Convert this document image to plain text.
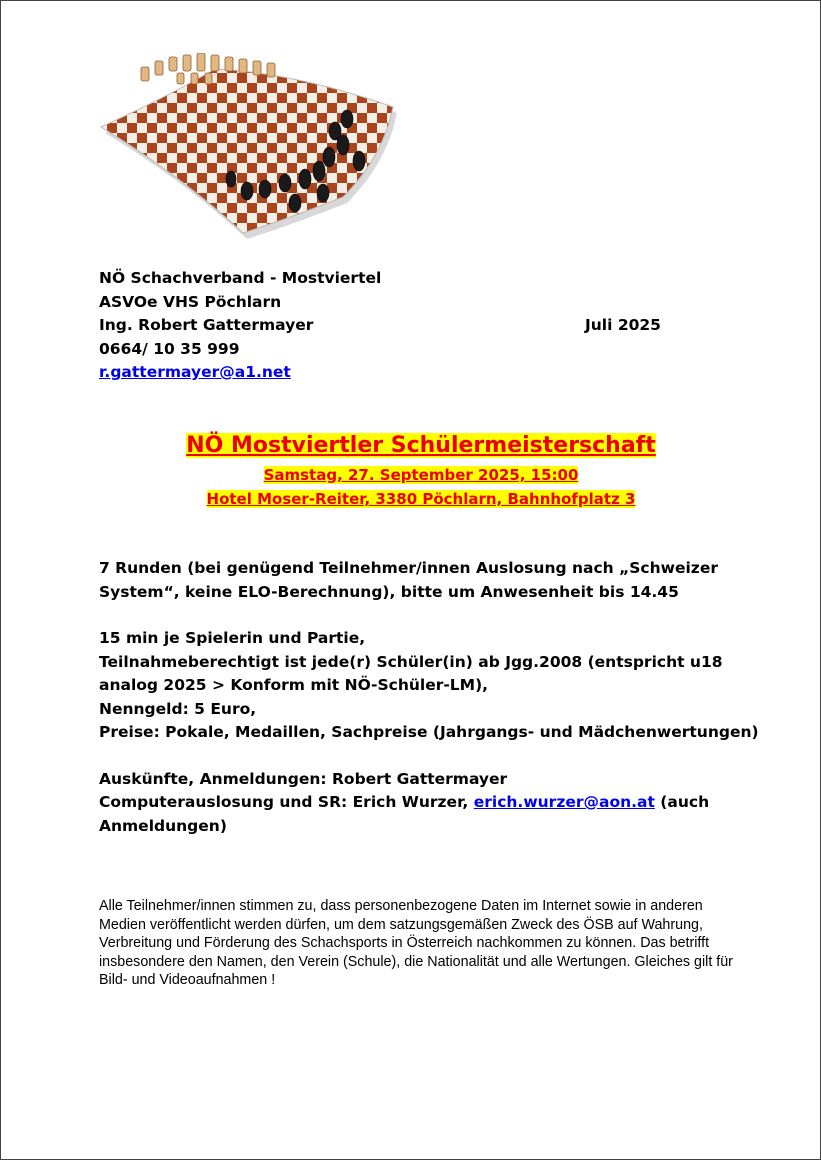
NÖ Schachverband - Mostviertel
ASVOe VHS Pöchlarn
Ing. Robert Gattermayer	Juli 2025
0664/ 10 35 999
r.gattermayer@a1.net
NÖ Mostviertler Schülermeisterschaft
Samstag, 27. September 2025, 15:00
Hotel Moser-Reiter, 3380 Pöchlarn, Bahnhofplatz 3

7 Runden (bei genügend Teilnehmer/innen Auslosung nach „Schweizer System“, keine ELO-Berechnung), bitte um Anwesenheit bis 14.45

15 min je Spielerin und Partie,

Teilnahmeberechtigt ist jede(r) Schüler(in) ab Jgg.2008 (entspricht u18 analog 2025 > Konform mit NÖ-Schüler-LM),

Nenngeld: 5 Euro,

Preise: Pokale, Medaillen, Sachpreise (Jahrgangs- und Mädchenwertungen)

Auskünfte, Anmeldungen: Robert Gattermayer

Computerauslosung und SR: Erich Wurzer, erich.wurzer@aon.at (auch Anmeldungen)

Alle Teilnehmer/innen stimmen zu, dass personenbezogene Daten im Internet sowie in anderen Medien veröffentlicht werden dürfen, um dem satzungsgemäßen Zweck des ÖSB auf Wahrung, Verbreitung und Förderung des Schachsports in Österreich nachkommen zu können. Das betrifft insbesondere den Namen, den Verein (Schule), die Nationalität und alle Wertungen. Gleiches gilt für Bild- und Videoaufnahmen !
